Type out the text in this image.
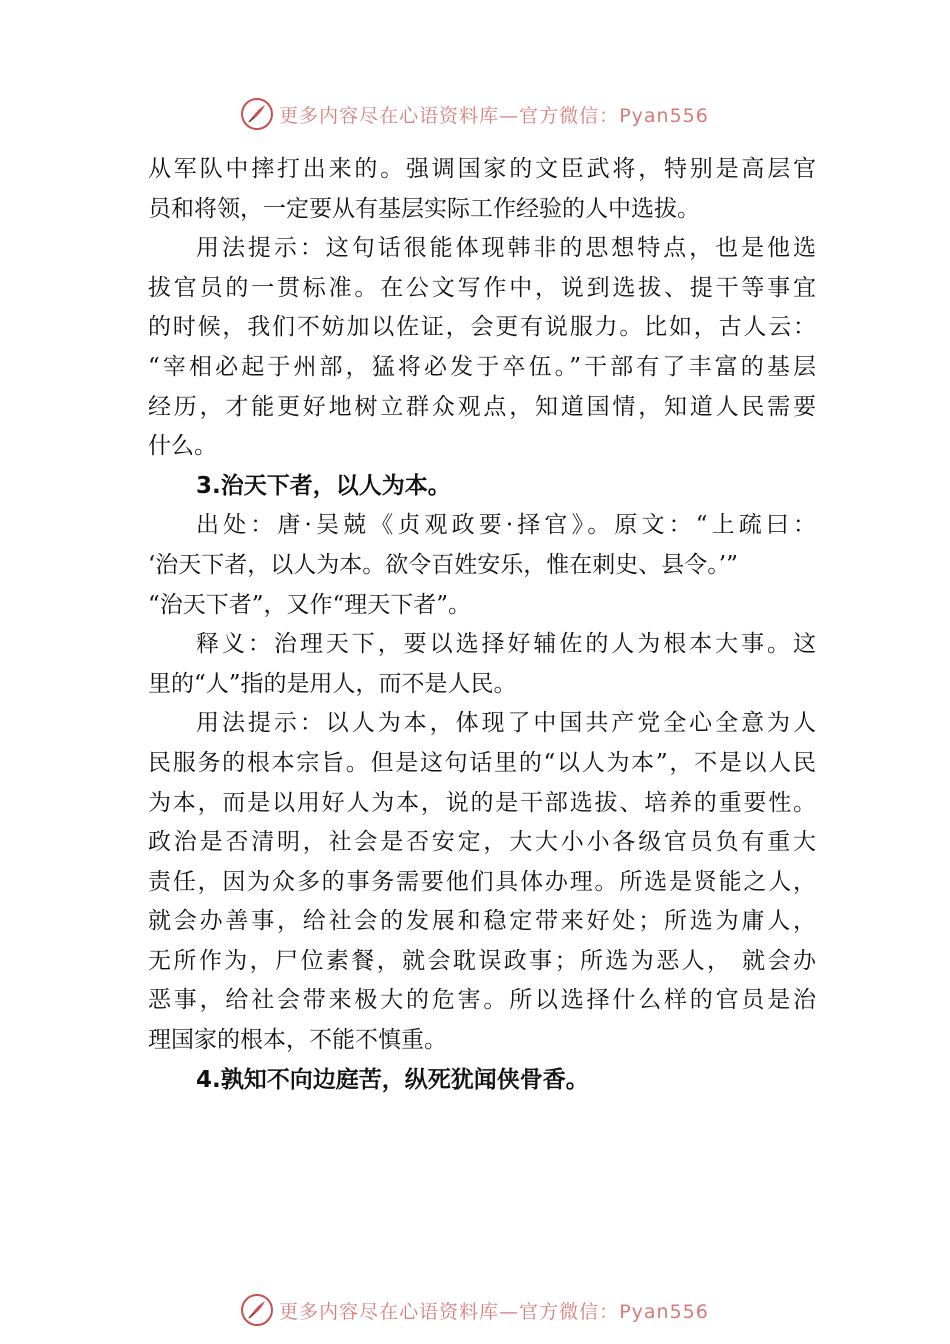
更多内容尽在心语资料库—官方微信：Pyan556

从军队中摔打出来的。强调国家的文臣武将，特别是高层官

员和将领，一定要从有基层实际工作经验的人中选拔。

用法提示：这句话很能体现韩非的思想特点，也是他选

拔官员的一贯标准。在公文写作中，说到选拔、提干等事宜

的时候，我们不妨加以佐证，会更有说服力。比如，古人云：

“宰相必起于州部，猛将必发于卒伍。”干部有了丰富的基层

经历，才能更好地树立群众观点，知道国情，知道人民需要

什么。

3.治天下者，以人为本。

出处：唐·吴兢《贞观政要·择官》。原文：“上疏曰：

‘治天下者，以人为本。欲令百姓安乐，惟在刺史、县令。’”

“治天下者”，又作“理天下者”。

释义：治理天下，要以选择好辅佐的人为根本大事。这

里的“人”指的是用人，而不是人民。

用法提示：以人为本，体现了中国共产党全心全意为人

民服务的根本宗旨。但是这句话里的“以人为本”，不是以人民

为本，而是以用好人为本，说的是干部选拔、培养的重要性。

政治是否清明，社会是否安定，大大小小各级官员负有重大

责任，因为众多的事务需要他们具体办理。所选是贤能之人，

就会办善事，给社会的发展和稳定带来好处；所选为庸人，

无所作为，尸位素餐，就会耽误政事；所选为恶人， 就会办

恶事，给社会带来极大的危害。所以选择什么样的官员是治

理国家的根本，不能不慎重。

4.孰知不向边庭苦，纵死犹闻侠骨香。

更多内容尽在心语资料库—官方微信：Pyan556
